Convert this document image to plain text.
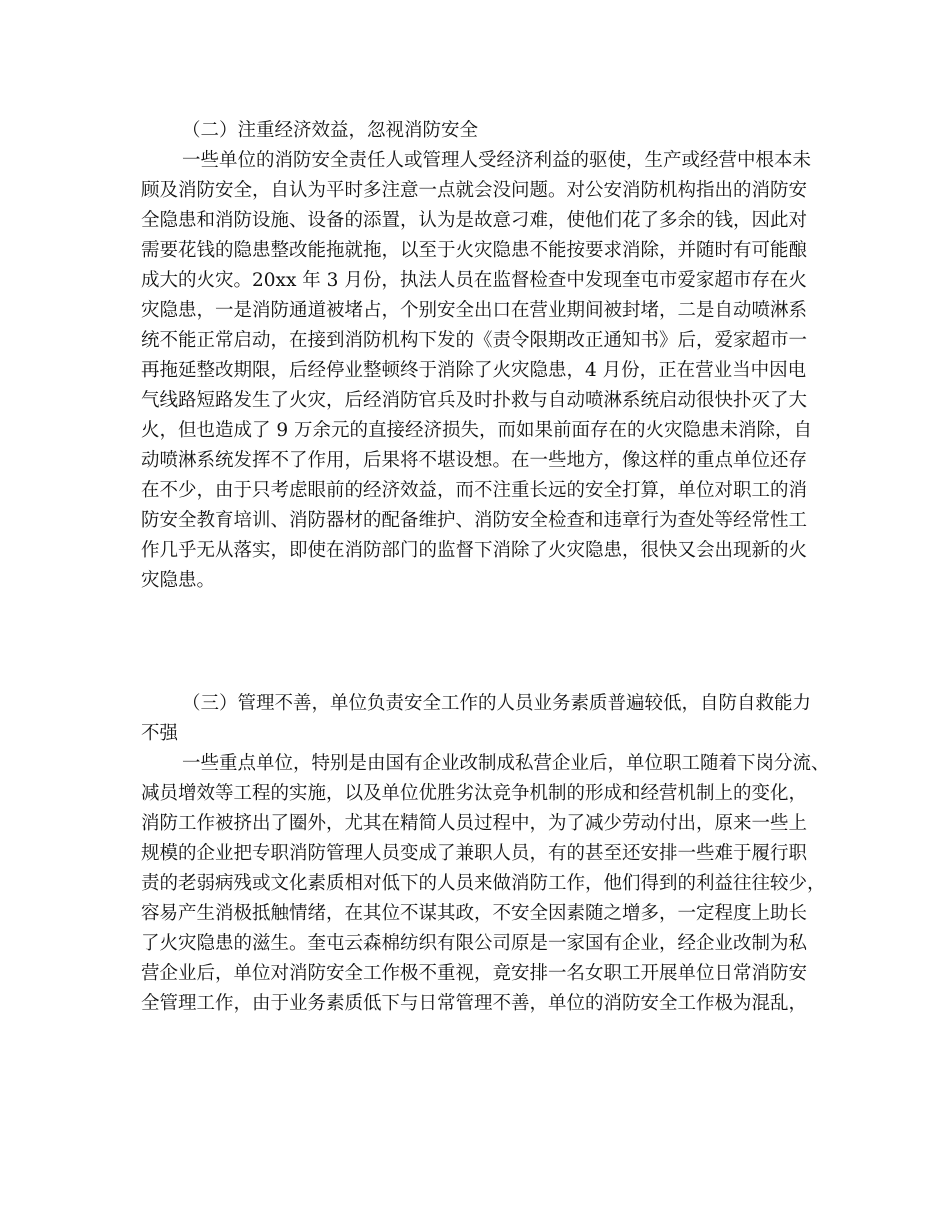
（二）注重经济效益，忽视消防安全
一些单位的消防安全责任人或管理人受经济利益的驱使，生产或经营中根本未
顾及消防安全，自认为平时多注意一点就会没问题。对公安消防机构指出的消防安
全隐患和消防设施、设备的添置，认为是故意刁难，使他们花了多余的钱，因此对
需要花钱的隐患整改能拖就拖，以至于火灾隐患不能按要求消除，并随时有可能酿
成大的火灾。20xx 年 3 月份，执法人员在监督检查中发现奎屯市爱家超市存在火
灾隐患，一是消防通道被堵占，个别安全出口在营业期间被封堵，二是自动喷淋系
统不能正常启动，在接到消防机构下发的《责令限期改正通知书》后，爱家超市一
再拖延整改期限，后经停业整顿终于消除了火灾隐患，4 月份，正在营业当中因电
气线路短路发生了火灾，后经消防官兵及时扑救与自动喷淋系统启动很快扑灭了大
火，但也造成了 9 万余元的直接经济损失，而如果前面存在的火灾隐患未消除，自
动喷淋系统发挥不了作用，后果将不堪设想。在一些地方，像这样的重点单位还存
在不少，由于只考虑眼前的经济效益，而不注重长远的安全打算，单位对职工的消
防安全教育培训、消防器材的配备维护、消防安全检查和违章行为查处等经常性工
作几乎无从落实，即使在消防部门的监督下消除了火灾隐患，很快又会出现新的火
灾隐患。
（三）管理不善，单位负责安全工作的人员业务素质普遍较低，自防自救能力
不强
一些重点单位，特别是由国有企业改制成私营企业后，单位职工随着下岗分流、
减员增效等工程的实施，以及单位优胜劣汰竞争机制的形成和经营机制上的变化，
消防工作被挤出了圈外，尤其在精简人员过程中，为了减少劳动付出，原来一些上
规模的企业把专职消防管理人员变成了兼职人员，有的甚至还安排一些难于履行职
责的老弱病残或文化素质相对低下的人员来做消防工作，他们得到的利益往往较少，
容易产生消极抵触情绪，在其位不谋其政，不安全因素随之增多，一定程度上助长
了火灾隐患的滋生。奎屯云森棉纺织有限公司原是一家国有企业，经企业改制为私
营企业后，单位对消防安全工作极不重视，竟安排一名女职工开展单位日常消防安
全管理工作，由于业务素质低下与日常管理不善，单位的消防安全工作极为混乱，
